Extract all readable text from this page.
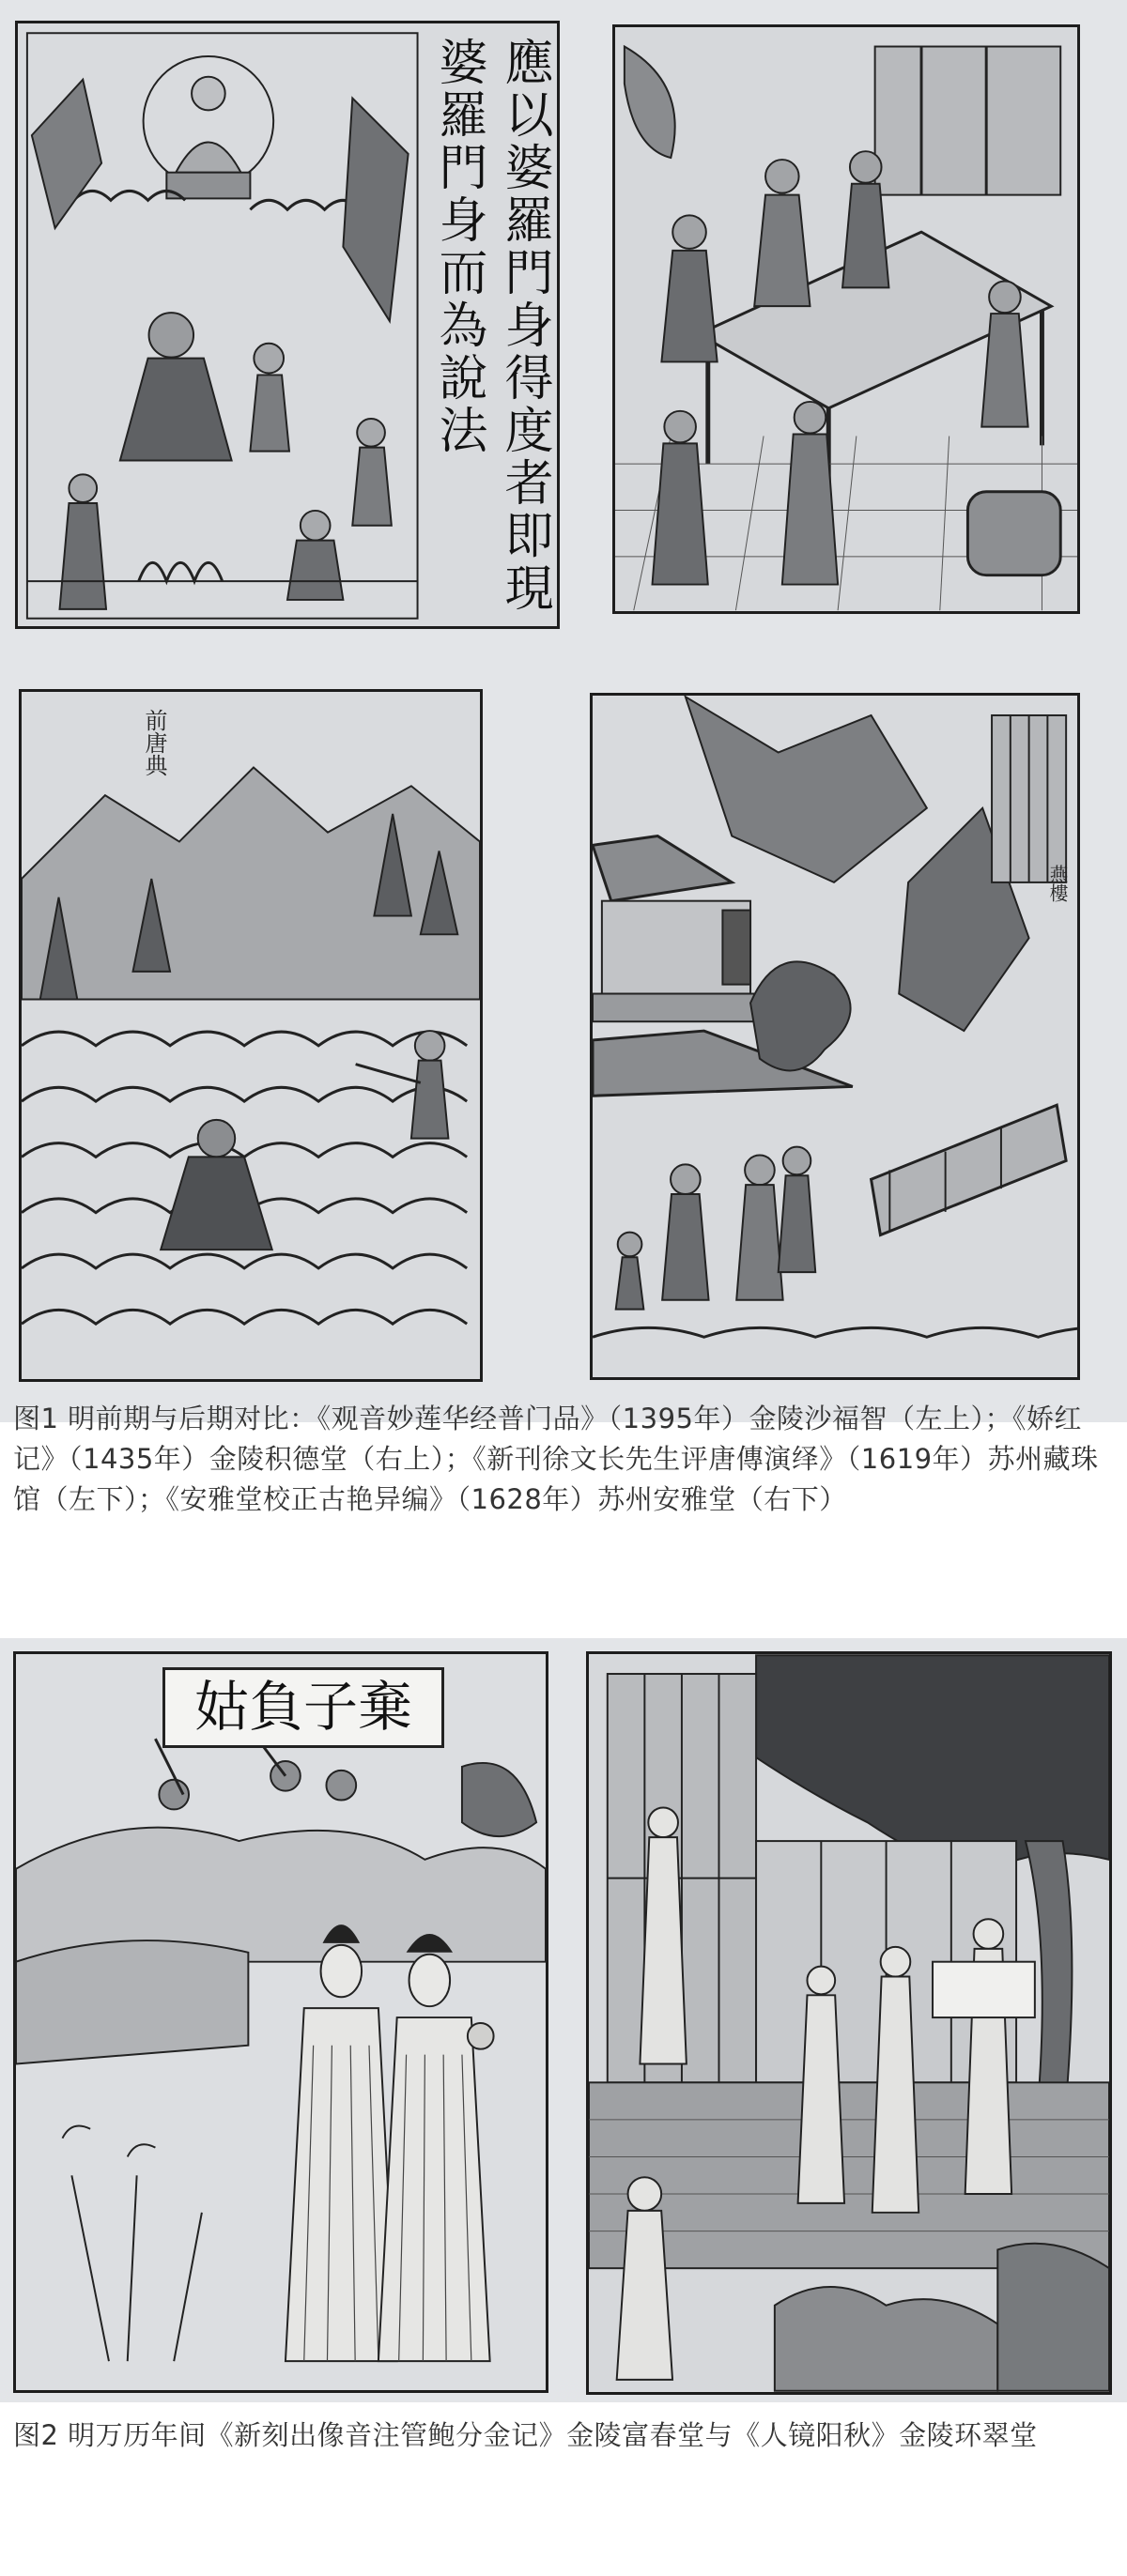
應以婆羅門身得度者即現
婆羅門身而為說法
前唐典
燕樓
图1 明前期与后期对比：《观音妙莲华经普门品》（1395年）金陵沙福智（左上）；《娇红记》（1435年）金陵积德堂（右上）；《新刊徐文长先生评唐傳演绎》（1619年）苏州藏珠馆（左下）；《安雅堂校正古艳异编》（1628年）苏州安雅堂（右下）
姑負子棄
图2 明万历年间《新刻出像音注管鲍分金记》金陵富春堂与《人镜阳秋》金陵环翠堂
